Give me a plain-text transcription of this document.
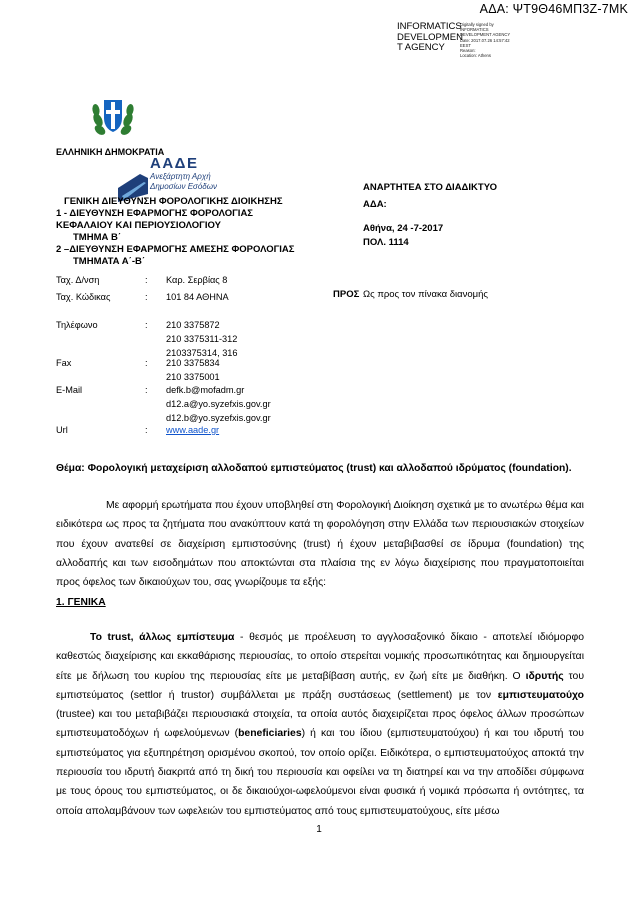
ΑΔΑ: ΨΤ9Θ46ΜΠ3Ζ-7ΜΚ
INFORMATICS
DEVELOPMEN
T AGENCY
Digitally signed by
INFORMATICS
DEVELOPMENT AGENCY
Date: 2017.07.26 14:57:42
EEST
Reason:
Location: Athens
ΕΛΛΗΝΙΚΗ ΔΗΜΟΚΡΑΤΙΑ
ΑΑΔΕ
Ανεξάρτητη Αρχή
Δημοσίων Εσόδων
ΓΕΝΙΚΗ ΔΙΕΥΘΥΝΣΗ ΦΟΡΟΛΟΓΙΚΗΣ ΔΙΟΙΚΗΣΗΣ
1 - ΔΙΕΥΘΥΝΣΗ ΕΦΑΡΜΟΓΗΣ ΦΟΡΟΛΟΓΙΑΣ
ΚΕΦΑΛΑΙΟΥ ΚΑΙ ΠΕΡΙΟΥΣΙΟΛΟΓΙΟΥ
ΤΜΗΜΑ Β΄
2 –ΔΙΕΥΘΥΝΣΗ ΕΦΑΡΜΟΓΗΣ ΑΜΕΣΗΣ ΦΟΡΟΛΟΓΙΑΣ
ΤΜΗΜΑΤΑ Α΄-Β΄
Ταχ. Δ/νση	: Καρ. Σερβίας 8
Ταχ. Κώδικας	: 101 84 ΑΘΗΝΑ
Τηλέφωνο	: 210 3375872
210 3375311-312
2103375314, 316
Fax	: 210 3375834
210 3375001
E-Mail	: defk.b@mofadm.gr
d12.a@yo.syzefxis.gov.gr
d12.b@yo.syzefxis.gov.gr
Url	: www.aade.gr
ΑΝΑΡΤΗΤΕΑ ΣΤΟ ΔΙΑΔΙΚΤΥΟ
ΑΔΑ:
Αθήνα, 24 -7-2017
ΠΟΛ. 1114
ΠΡΟΣ Ως προς τον πίνακα διανομής
Θέμα: Φορολογική μεταχείριση αλλοδαπού εμπιστεύματος (trust) και αλλοδαπού ιδρύματος (foundation).
Με αφορμή ερωτήματα που έχουν υποβληθεί στη Φορολογική Διοίκηση σχετικά με το ανωτέρω θέμα και ειδικότερα ως προς τα ζητήματα που ανακύπτουν κατά τη φορολόγηση στην Ελλάδα των περιουσιακών στοιχείων που έχουν ανατεθεί σε διαχείριση εμπιστοσύνης (trust) ή έχουν μεταβιβασθεί σε ίδρυμα (foundation) της αλλοδαπής και των εισοδημάτων που αποκτώνται στα πλαίσια της εν λόγω διαχείρισης που πραγματοποιείται προς όφελος των δικαιούχων του, σας γνωρίζουμε τα εξής:
1. ΓΕΝΙΚΑ
Το trust, άλλως εμπίστευμα - θεσμός με προέλευση το αγγλοσαξονικό δίκαιο - αποτελεί ιδιόμορφο καθεστώς διαχείρισης και εκκαθάρισης περιουσίας, το οποίο στερείται νομικής προσωπικότητας και δημιουργείται είτε με δήλωση του κυρίου της περιουσίας είτε με μεταβίβαση αυτής, εν ζωή είτε με διαθήκη. Ο ιδρυτής του εμπιστεύματος (settlor ή trustor) συμβάλλεται με πράξη συστάσεως (settlement) με τον εμπιστευματούχο (trustee) και του μεταβιβάζει περιουσιακά στοιχεία, τα οποία αυτός διαχειρίζεται προς όφελος άλλων προσώπων εμπιστευματοδόχων ή ωφελούμενων (beneficiaries) ή και του ίδιου (εμπιστευματούχου) ή και του ιδρυτή του εμπιστεύματος για εξυπηρέτηση ορισμένου σκοπού, τον οποίο ορίζει. Ειδικότερα, ο εμπιστευματούχος αποκτά την περιουσία του ιδρυτή διακριτά από τη δική του περιουσία και οφείλει να τη διατηρεί και να την αποδίδει σύμφωνα με τους όρους του εμπιστεύματος, οι δε δικαιούχοι-ωφελούμενοι είναι φυσικά ή νομικά πρόσωπα ή οντότητες, τα οποία απολαμβάνουν των ωφελειών του εμπιστεύματος από τους εμπιστευματούχους, είτε μέσω
1
